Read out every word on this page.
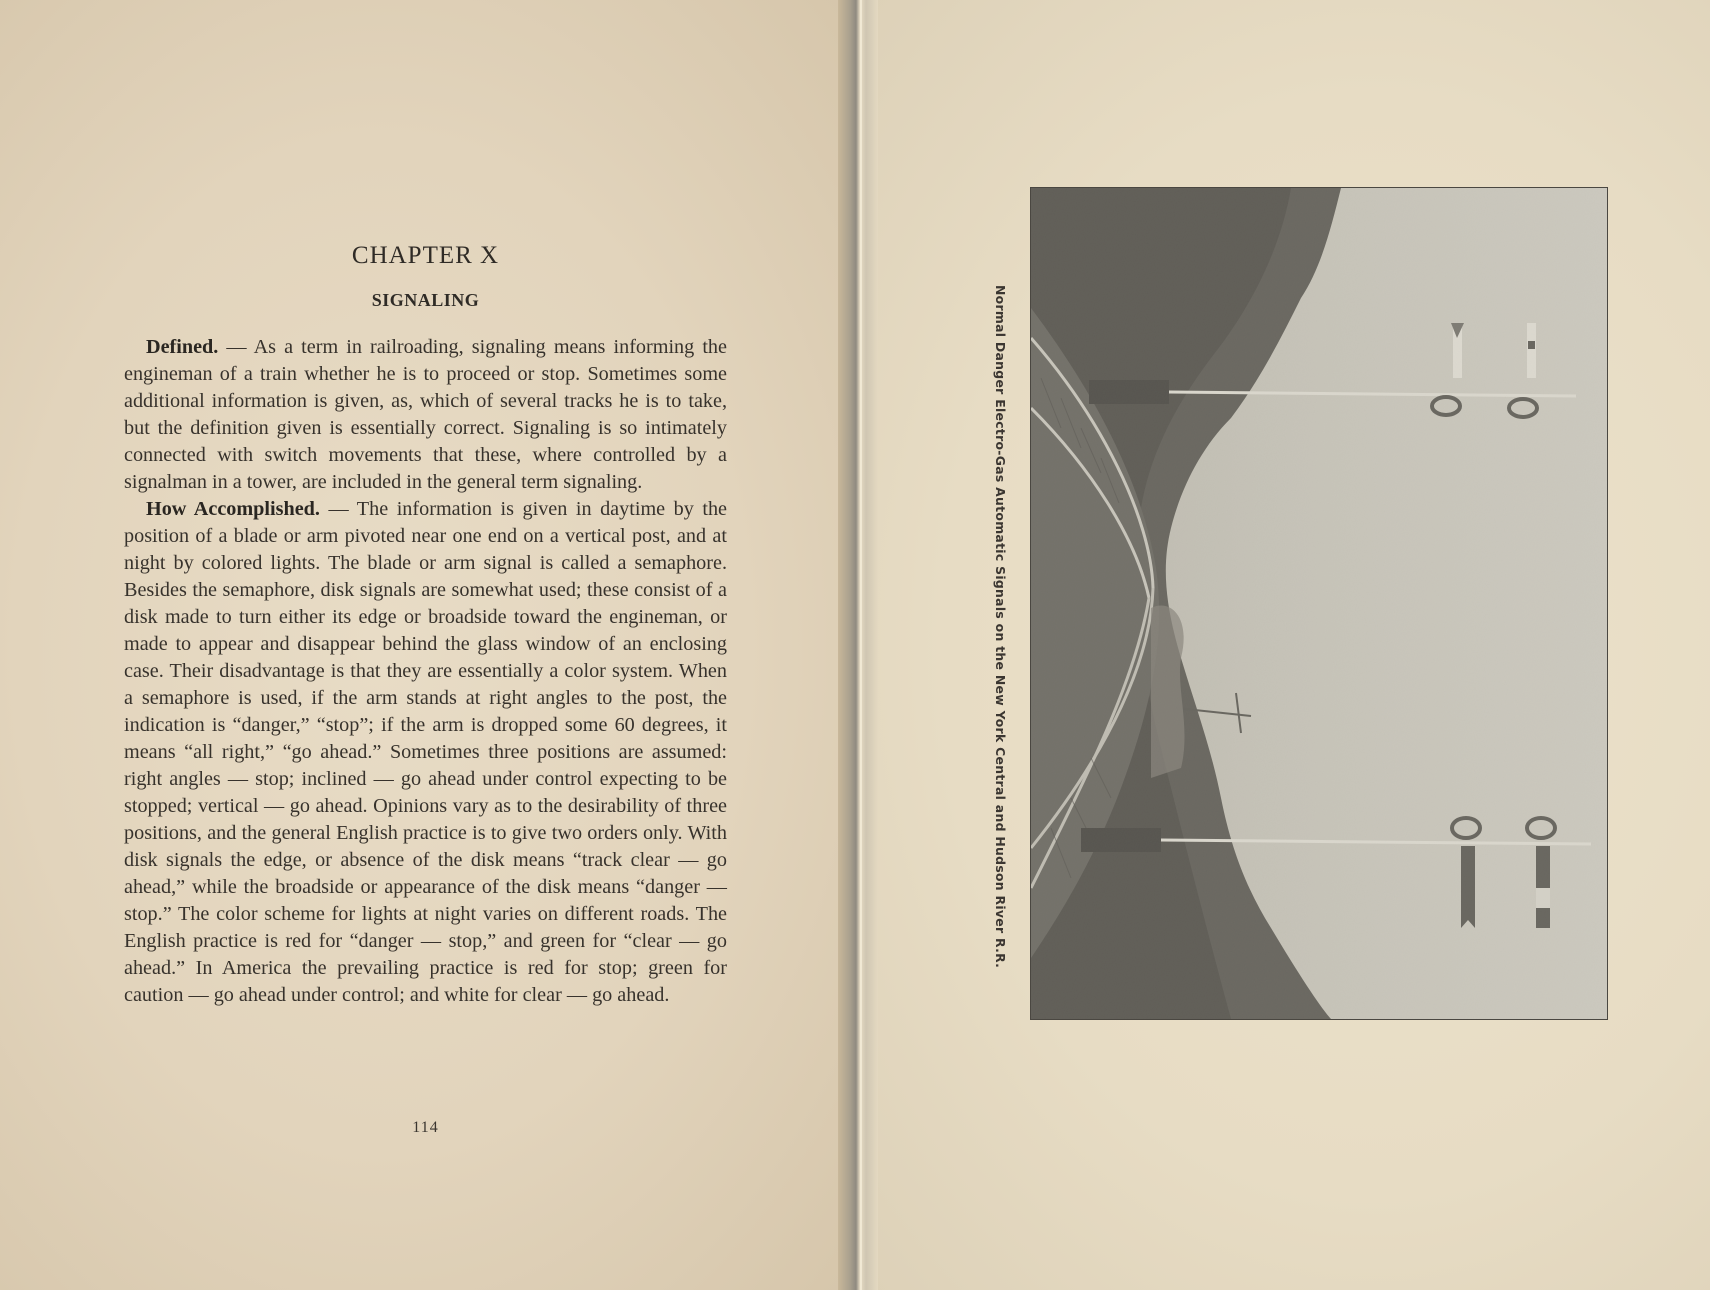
CHAPTER X
SIGNALING

Defined. — As a term in railroading, signaling means informing the engineman of a train whether he is to proceed or stop. Sometimes some additional information is given, as, which of several tracks he is to take, but the definition given is essentially correct. Signaling is so intimately connected with switch movements that these, where controlled by a signalman in a tower, are included in the general term signaling.

How Accomplished. — The information is given in daytime by the position of a blade or arm pivoted near one end on a vertical post, and at night by colored lights. The blade or arm signal is called a semaphore. Besides the semaphore, disk signals are somewhat used; these consist of a disk made to turn either its edge or broadside toward the engineman, or made to appear and disappear behind the glass window of an enclosing case. Their disadvantage is that they are essentially a color system. When a semaphore is used, if the arm stands at right angles to the post, the indication is “danger,” “stop”; if the arm is dropped some 60 degrees, it means “all right,” “go ahead.” Sometimes three positions are assumed: right angles — stop; inclined — go ahead under control expecting to be stopped; vertical — go ahead. Opinions vary as to the desirability of three positions, and the general English practice is to give two orders only. With disk signals the edge, or absence of the disk means “track clear — go ahead,” while the broadside or appearance of the disk means “danger — stop.” The color scheme for lights at night varies on different roads. The English practice is red for “danger — stop,” and green for “clear — go ahead.” In America the prevailing practice is red for stop; green for caution — go ahead under control; and white for clear — go ahead.

114
Normal Danger Electro-Gas Automatic Signals on the New York Central and Hudson River R.R.
